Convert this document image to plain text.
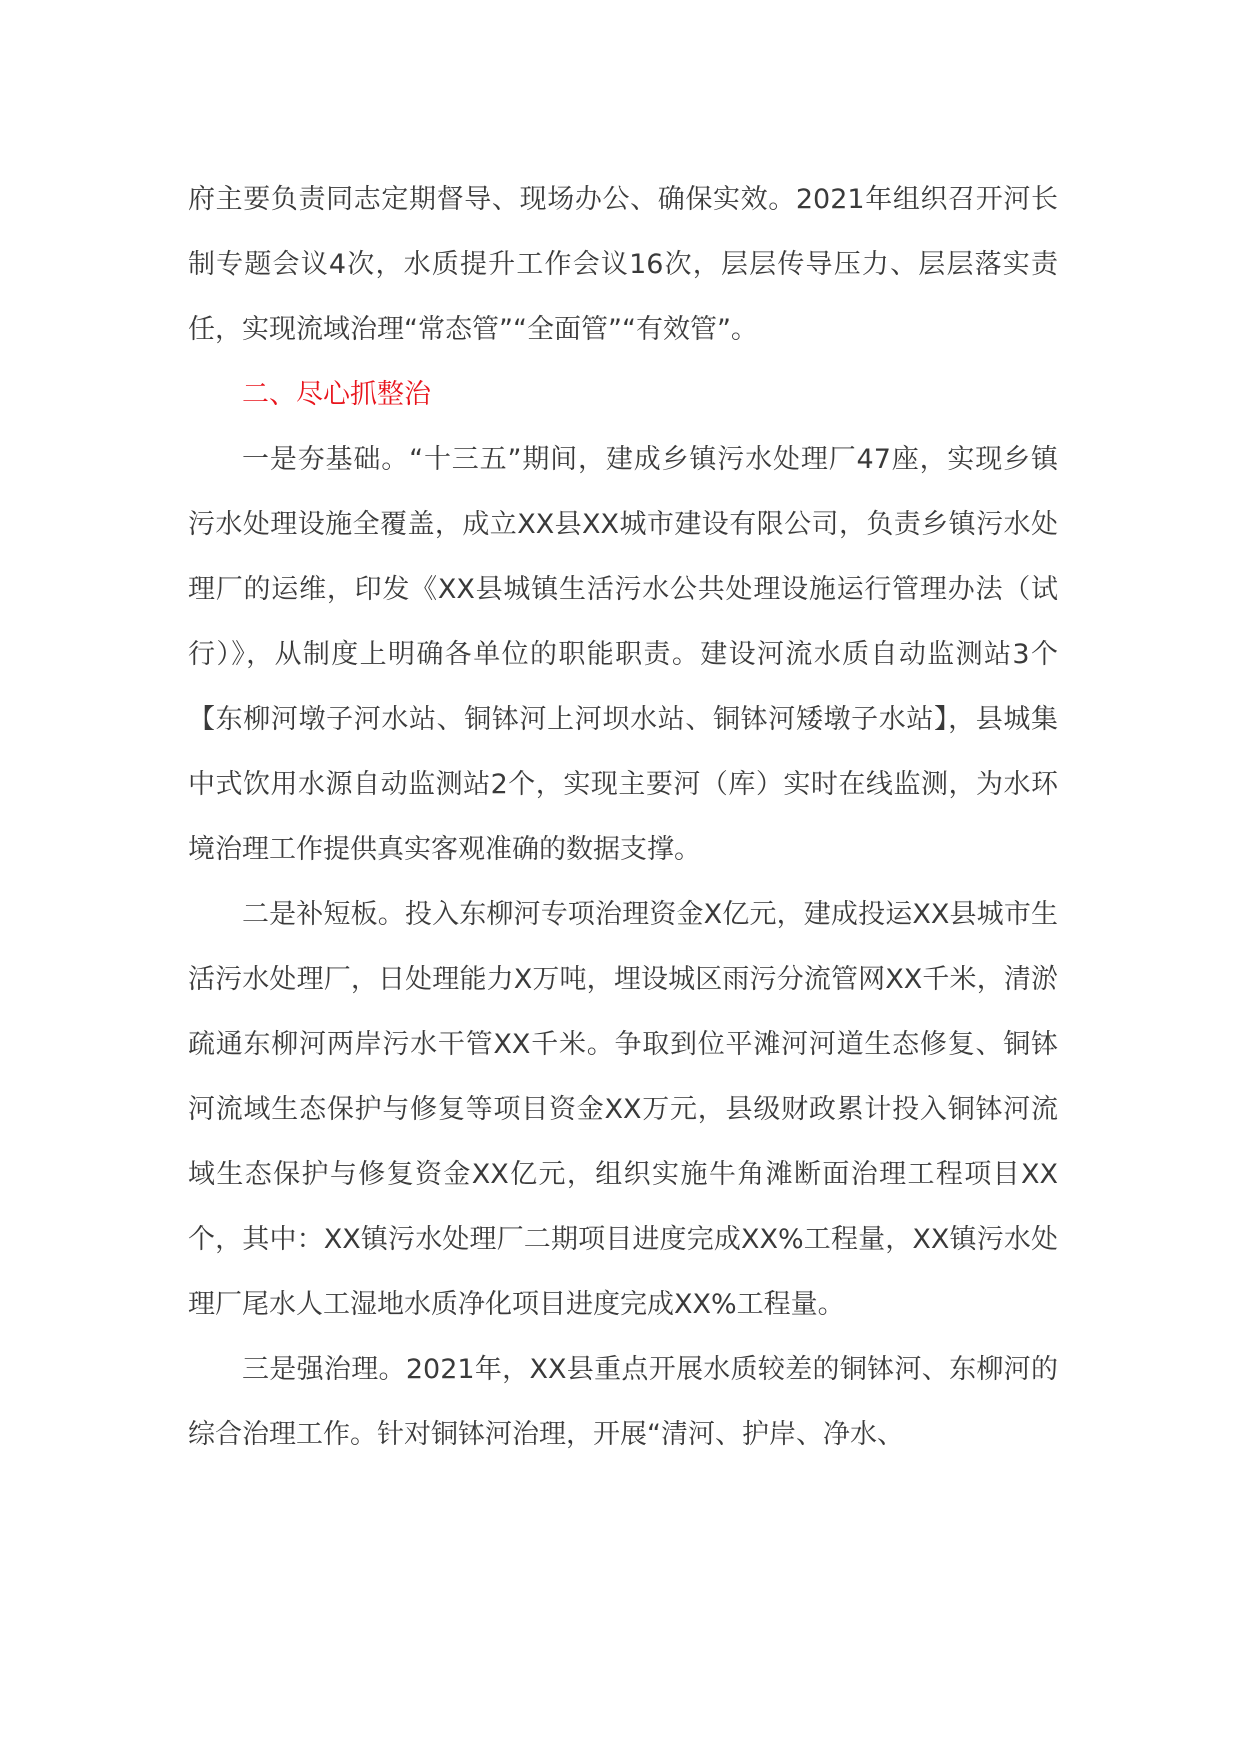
府主要负责同志定期督导、现场办公、确保实效。2021年组织召开河长制专题会议4次，水质提升工作会议16次，层层传导压力、层层落实责任，实现流域治理“常态管”“全面管”“有效管”。

二、尽心抓整治

一是夯基础。“十三五”期间，建成乡镇污水处理厂47座，实现乡镇污水处理设施全覆盖，成立XX县XX城市建设有限公司，负责乡镇污水处理厂的运维，印发《XX县城镇生活污水公共处理设施运行管理办法（试行）》，从制度上明确各单位的职能职责。建设河流水质自动监测站3个【东柳河墩子河水站、铜钵河上河坝水站、铜钵河矮墩子水站】，县城集中式饮用水源自动监测站2个，实现主要河（库）实时在线监测，为水环境治理工作提供真实客观准确的数据支撑。

二是补短板。投入东柳河专项治理资金X亿元，建成投运XX县城市生活污水处理厂，日处理能力X万吨，埋设城区雨污分流管网XX千米，清淤疏通东柳河两岸污水干管XX千米。争取到位平滩河河道生态修复、铜钵河流域生态保护与修复等项目资金XX万元，县级财政累计投入铜钵河流域生态保护与修复资金XX亿元，组织实施牛角滩断面治理工程项目XX个，其中：XX镇污水处理厂二期项目进度完成XX%工程量，XX镇污水处理厂尾水人工湿地水质净化项目进度完成XX%工程量。

三是强治理。2021年，XX县重点开展水质较差的铜钵河、东柳河的综合治理工作。针对铜钵河治理，开展“清河、护岸、净水、
